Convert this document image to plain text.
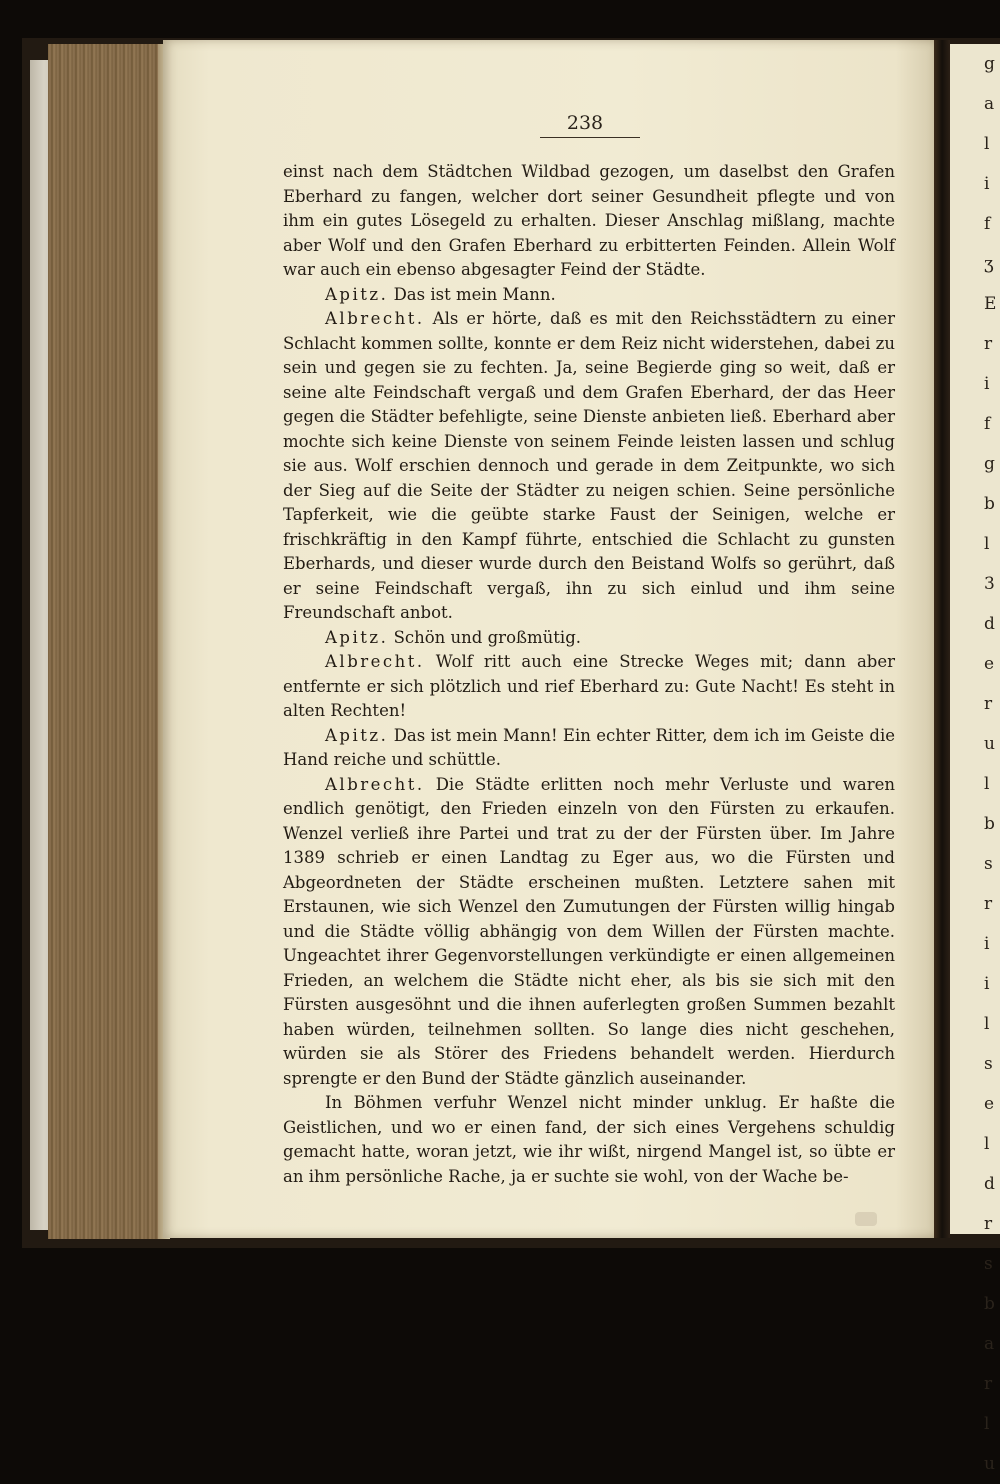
g
a
l
i
f
ʒ
E
r
i
f
g
b
l
3
d
e
r
u
l
b
s
r
i
i
l
s
e
l
d
r
s
b
a
r
l
u

238

einst nach dem Städtchen Wildbad gezogen, um daselbst den Grafen Eberhard zu fangen, welcher dort seiner Gesundheit pflegte und von ihm ein gutes Lösegeld zu erhalten. Dieser Anschlag mißlang, machte aber Wolf und den Grafen Eberhard zu erbitterten Feinden. Allein Wolf war auch ein ebenso abgesagter Feind der Städte.

Apitz. Das ist mein Mann.

Albrecht. Als er hörte, daß es mit den Reichsstädtern zu einer Schlacht kommen sollte, konnte er dem Reiz nicht widerstehen, dabei zu sein und gegen sie zu fechten. Ja, seine Begierde ging so weit, daß er seine alte Feindschaft vergaß und dem Grafen Eberhard, der das Heer gegen die Städter befehligte, seine Dienste anbieten ließ. Eberhard aber mochte sich keine Dienste von seinem Feinde leisten lassen und schlug sie aus. Wolf erschien dennoch und gerade in dem Zeitpunkte, wo sich der Sieg auf die Seite der Städter zu neigen schien. Seine persönliche Tapferkeit, wie die geübte starke Faust der Seinigen, welche er frischkräftig in den Kampf führte, entschied die Schlacht zu gunsten Eberhards, und dieser wurde durch den Beistand Wolfs so gerührt, daß er seine Feindschaft vergaß, ihn zu sich einlud und ihm seine Freundschaft anbot.

Apitz. Schön und großmütig.

Albrecht. Wolf ritt auch eine Strecke Weges mit; dann aber entfernte er sich plötzlich und rief Eberhard zu: Gute Nacht! Es steht in alten Rechten!

Apitz. Das ist mein Mann! Ein echter Ritter, dem ich im Geiste die Hand reiche und schüttle.

Albrecht. Die Städte erlitten noch mehr Verluste und waren endlich genötigt, den Frieden einzeln von den Fürsten zu erkaufen. Wenzel verließ ihre Partei und trat zu der der Fürsten über. Im Jahre 1389 schrieb er einen Landtag zu Eger aus, wo die Fürsten und Abgeordneten der Städte erscheinen mußten. Letztere sahen mit Erstaunen, wie sich Wenzel den Zumutungen der Fürsten willig hingab und die Städte völlig abhängig von dem Willen der Fürsten machte. Ungeachtet ihrer Gegenvorstellungen verkündigte er einen allgemeinen Frieden, an welchem die Städte nicht eher, als bis sie sich mit den Fürsten ausgesöhnt und die ihnen auferlegten großen Summen bezahlt haben würden, teilnehmen sollten. So lange dies nicht geschehen, würden sie als Störer des Friedens behandelt werden. Hierdurch sprengte er den Bund der Städte gänzlich auseinander.

In Böhmen verfuhr Wenzel nicht minder unklug. Er haßte die Geistlichen, und wo er einen fand, der sich eines Vergehens schuldig gemacht hatte, woran jetzt, wie ihr wißt, nirgend Mangel ist, so übte er an ihm persönliche Rache, ja er suchte sie wohl, von der Wache be-
